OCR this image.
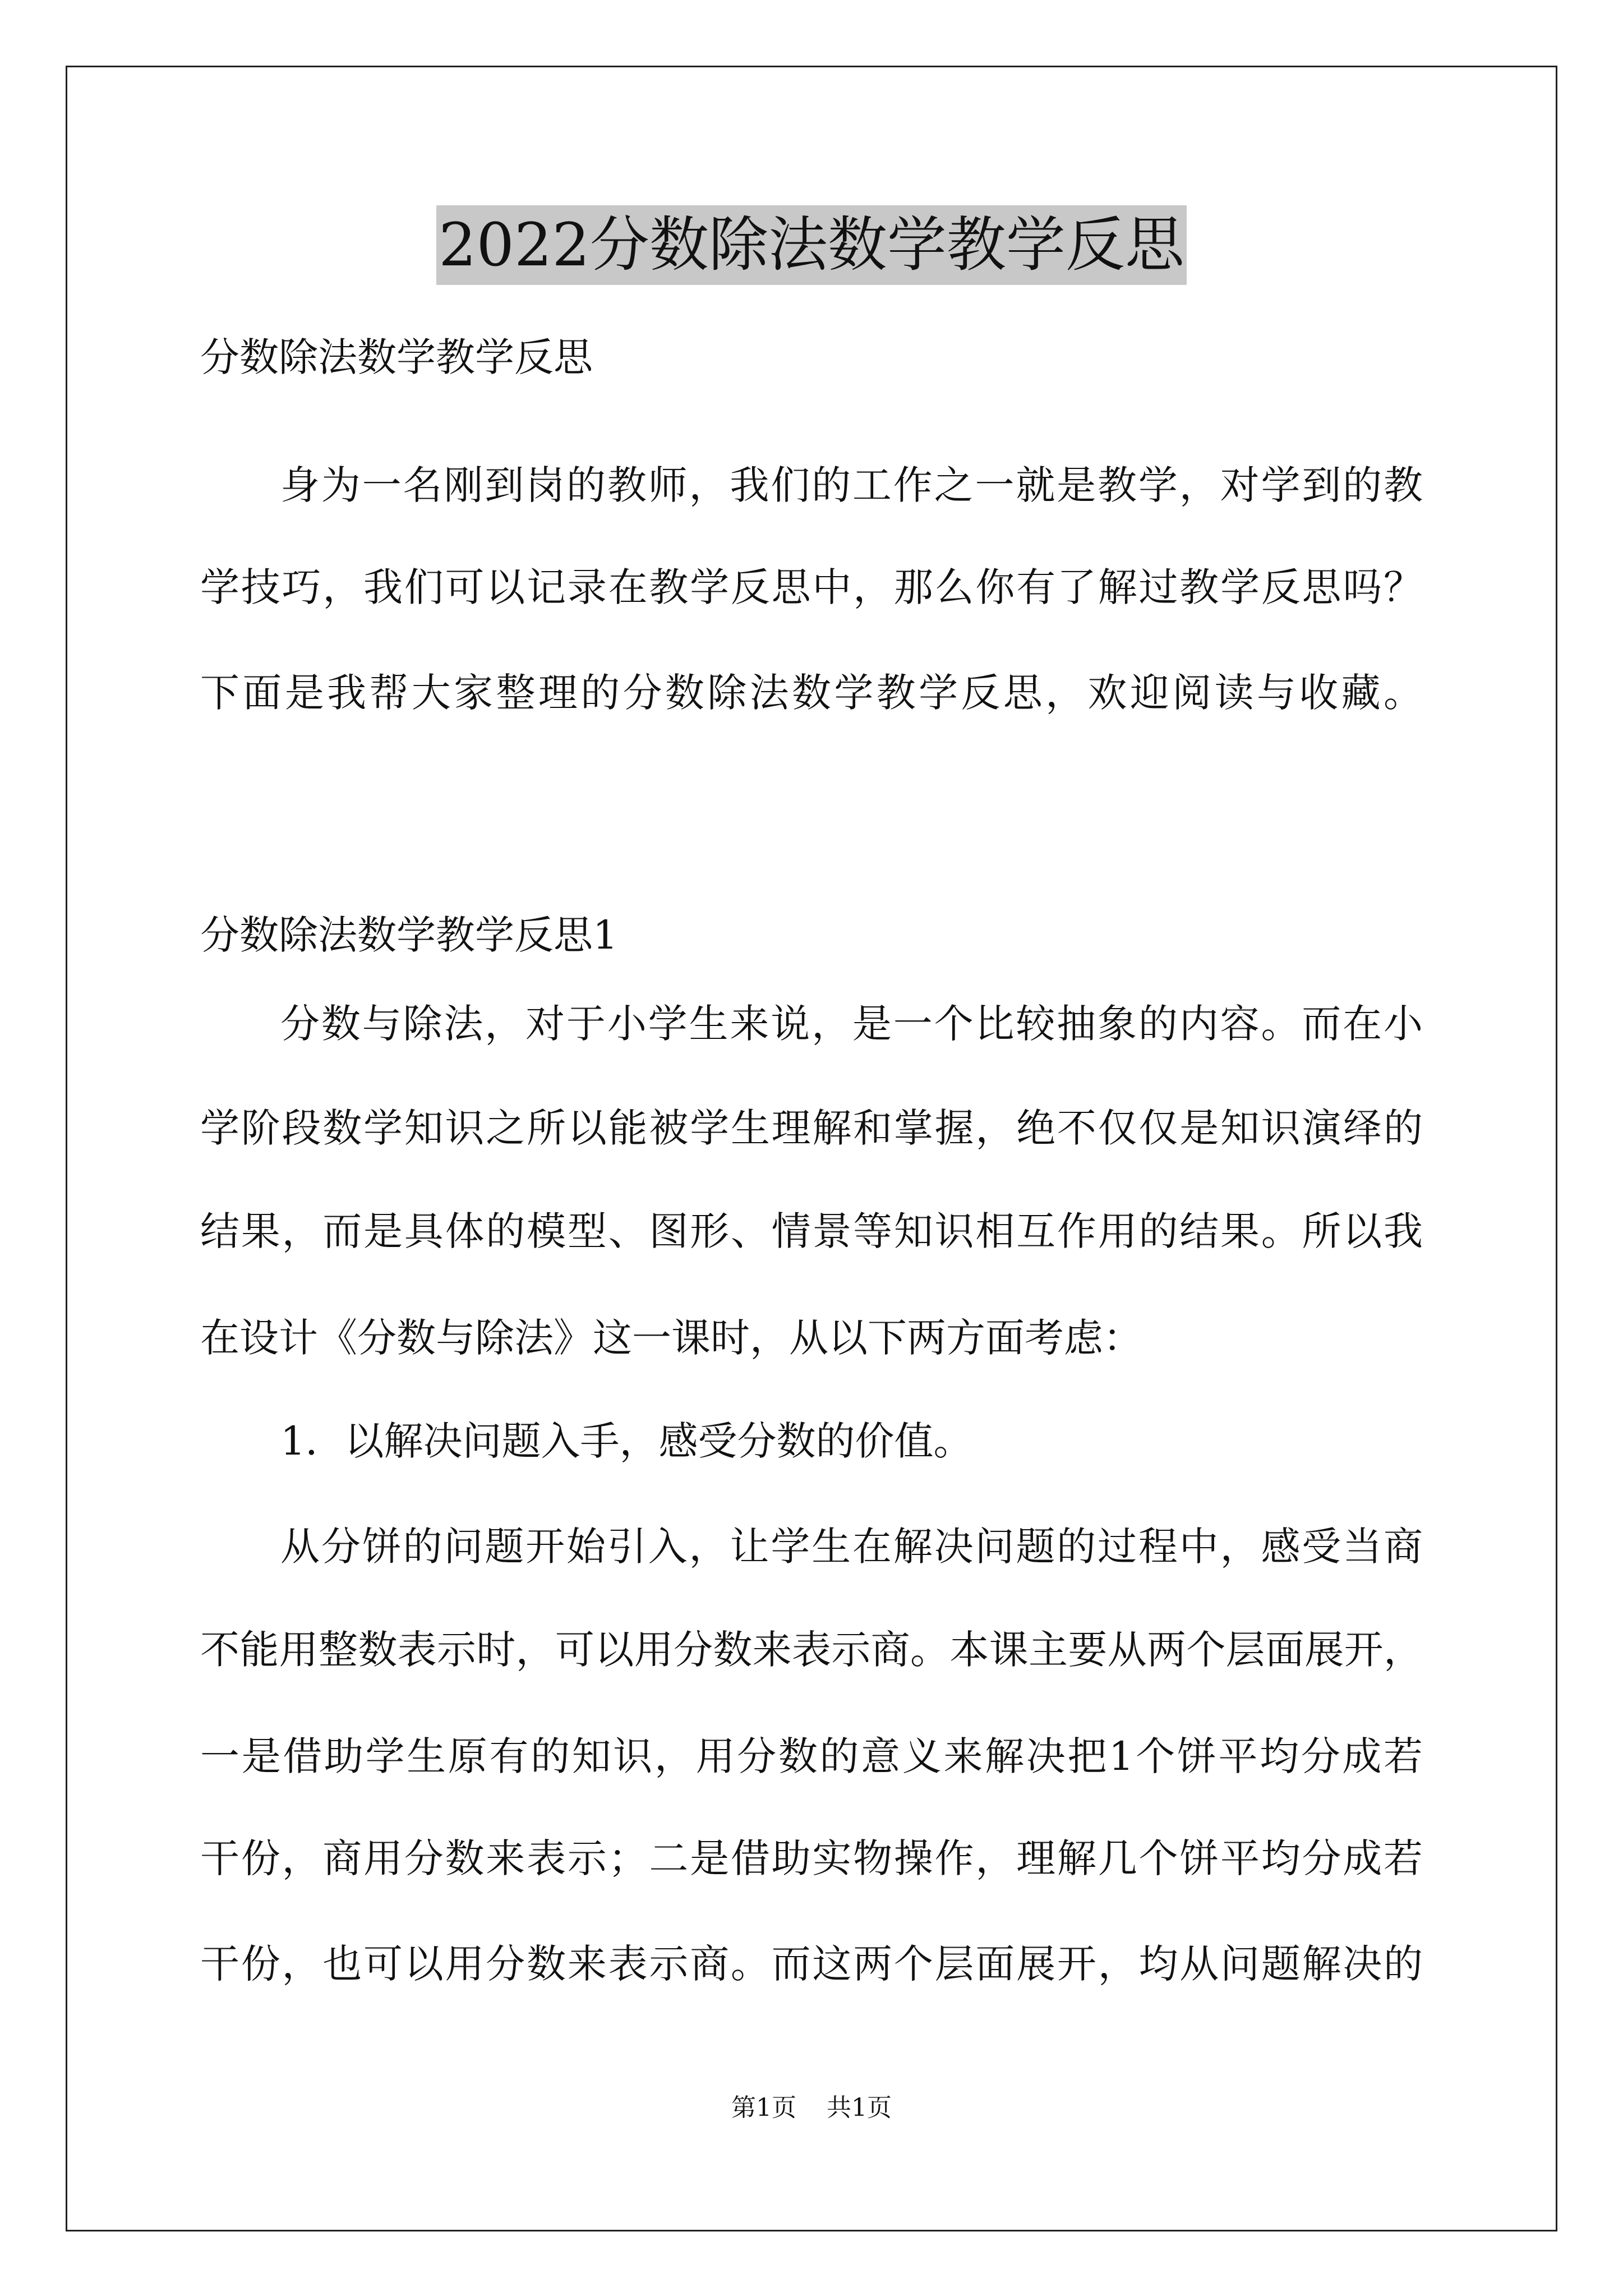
2022分数除法数学教学反思
分数除法数学教学反思
身为一名刚到岗的教师，我们的工作之一就是教学，对学到的教
学技巧，我们可以记录在教学反思中，那么你有了解过教学反思吗？
下面是我帮大家整理的分数除法数学教学反思，欢迎阅读与收藏。
分数除法数学教学反思1
分数与除法，对于小学生来说，是一个比较抽象的内容。而在小
学阶段数学知识之所以能被学生理解和掌握，绝不仅仅是知识演绎的
结果，而是具体的模型、图形、情景等知识相互作用的结果。所以我
在设计《分数与除法》这一课时，从以下两方面考虑：
1．以解决问题入手，感受分数的价值。
从分饼的问题开始引入，让学生在解决问题的过程中，感受当商
不能用整数表示时，可以用分数来表示商。本课主要从两个层面展开，
一是借助学生原有的知识，用分数的意义来解决把1个饼平均分成若
干份，商用分数来表示；二是借助实物操作，理解几个饼平均分成若
干份，也可以用分数来表示商。而这两个层面展开，均从问题解决的
第1页 共1页
